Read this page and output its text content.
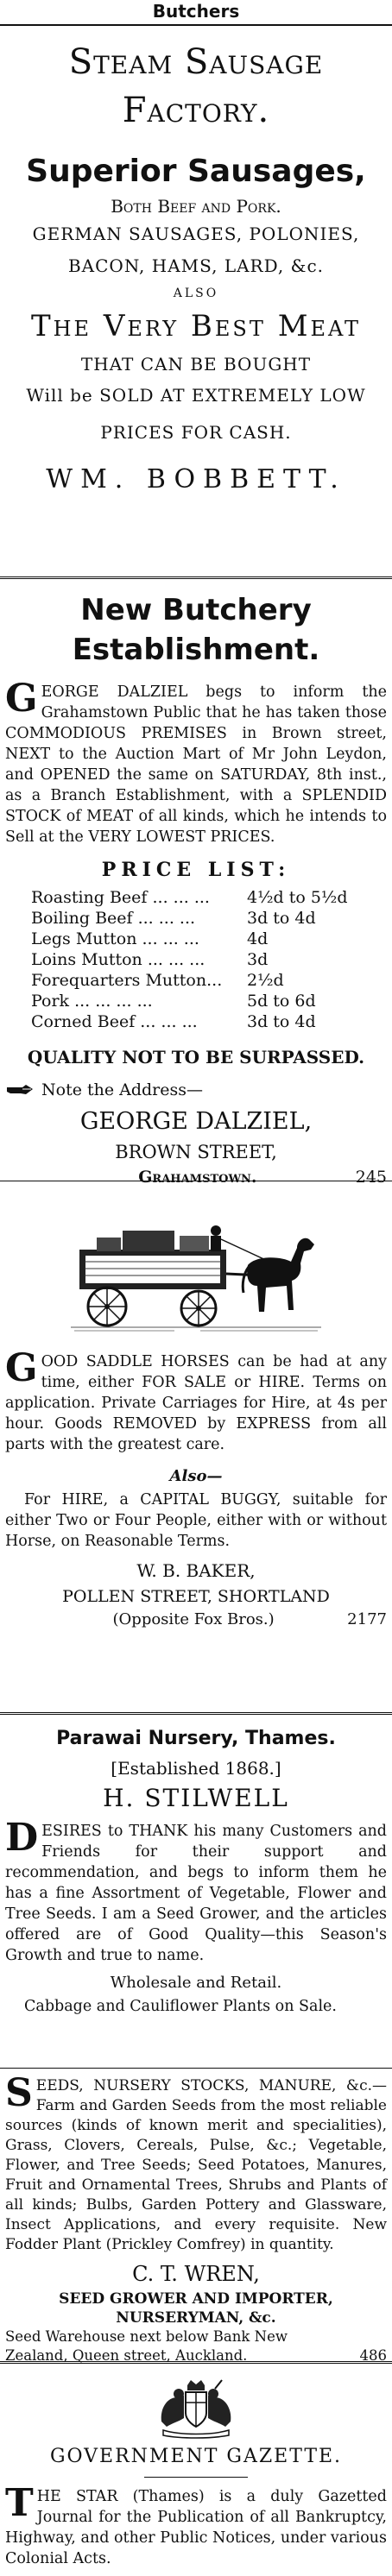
Butchers
Steam Sausage Factory.
Superior Sausages,
Both Beef and Pork.
GERMAN SAUSAGES, POLONIES,
BACON, HAMS, LARD, &c.
ALSO
The Very Best Meat
THAT CAN BE BOUGHT
Will be SOLD AT EXTREMELY LOW
PRICES FOR CASH.
WM. BOBBETT.
New Butchery Establishment.
GEORGE DALZIEL begs to inform the Grahamstown Public that he has taken those COMMODIOUS PREMISES in Brown street, NEXT to the Auction Mart of Mr John Leydon, and OPENED the same on SATURDAY, 8th inst., as a Branch Establishment, with a SPLENDID STOCK of MEAT of all kinds, which he intends to Sell at the VERY LOWEST PRICES.
PRICE LIST:
Roasting Beef ... ... ...	4½d to 5½d
Boiling Beef ... ... ...	3d to 4d
Legs Mutton ... ... ...	4d
Loins Mutton ... ... ...	3d
Forequarters Mutton...	2½d
Pork ... ... ... ...	5d to 6d
Corned Beef ... ... ...	3d to 4d
QUALITY NOT TO BE SURPASSED.
Note the Address—
GEORGE DALZIEL,
BROWN STREET,
Grahamstown.	245
GOOD SADDLE HORSES can be had at any time, either FOR SALE or HIRE. Terms on application. Private Carriages for Hire, at 4s per hour. Goods REMOVED by EXPRESS from all parts with the greatest care.
Also—
For HIRE, a CAPITAL BUGGY, suitable for either Two or Four People, either with or without Horse, on Reasonable Terms.
W. B. BAKER,
POLLEN STREET, SHORTLAND
(Opposite Fox Bros.)	2177
Parawai Nursery, Thames.
[Established 1868.]
H. STILWELL
DESIRES to THANK his many Customers and Friends for their support and recommendation, and begs to inform them he has a fine Assortment of Vegetable, Flower and Tree Seeds. I am a Seed Grower, and the articles offered are of Good Quality—this Season's Growth and true to name.
Wholesale and Retail.
Cabbage and Cauliflower Plants on Sale.
SEEDS, NURSERY STOCKS, MANURE, &c.—Farm and Garden Seeds from the most reliable sources (kinds of known merit and specialities), Grass, Clovers, Cereals, Pulse, &c.; Vegetable, Flower, and Tree Seeds; Seed Potatoes, Manures, Fruit and Ornamental Trees, Shrubs and Plants of all kinds; Bulbs, Garden Pottery and Glassware, Insect Applications, and every requisite. New Fodder Plant (Prickley Comfrey) in quantity.
C. T. WREN,
SEED GROWER AND IMPORTER,
NURSERYMAN, &c.
Seed Warehouse next below Bank New Zealand, Queen street, Auckland.	486
GOVERNMENT GAZETTE.
THE STAR (Thames) is a duly Gazetted Journal for the Publication of all Bankruptcy, Highway, and other Public Notices, under various Colonial Acts.
